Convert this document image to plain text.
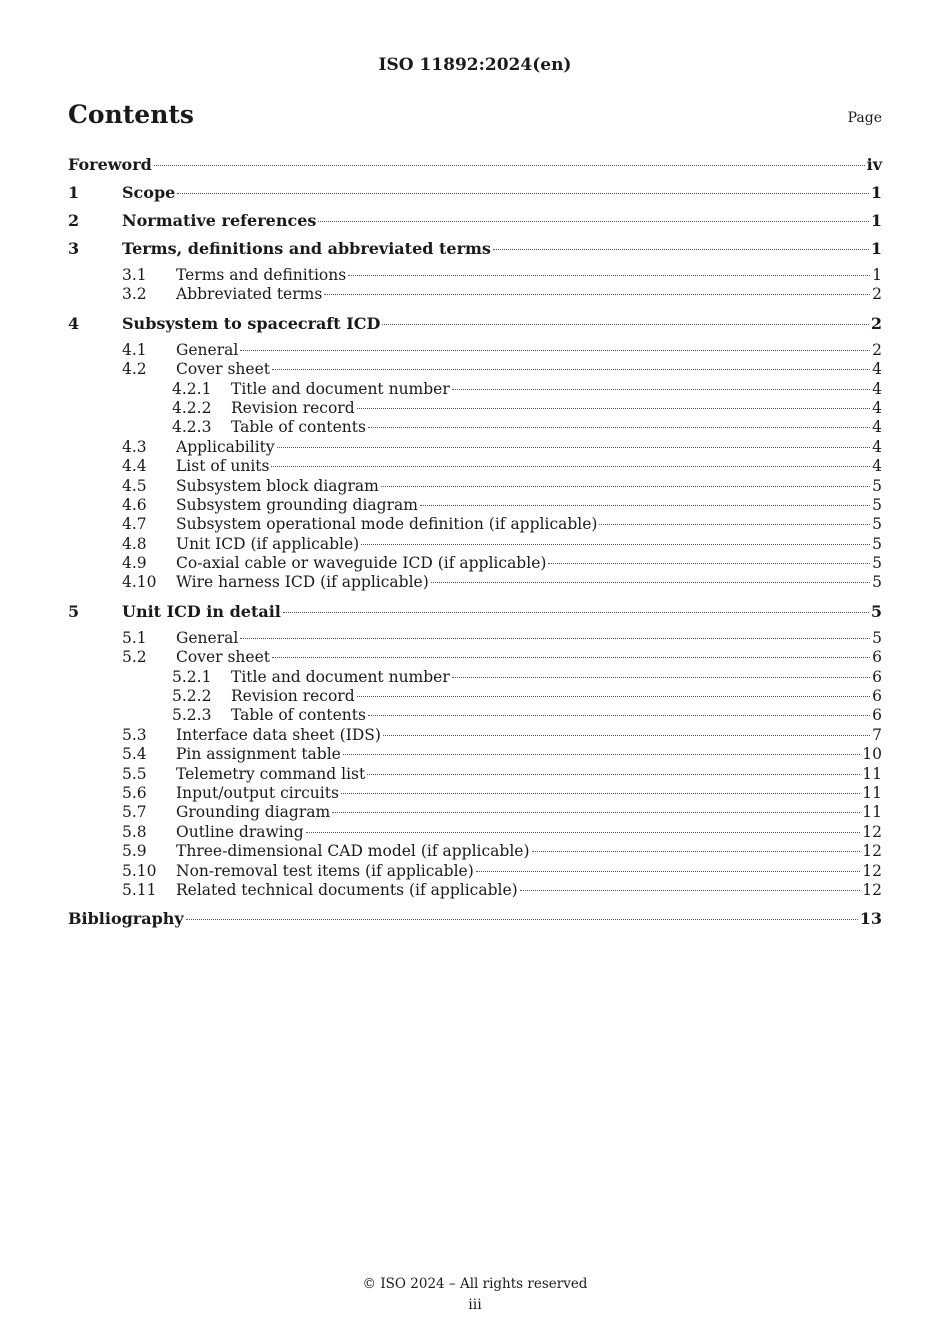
ISO 11892:2024(en)
Contents	Page
Foreword	iv
1	Scope	1
2	Normative references	1
3	Terms, definitions and abbreviated terms	1
3.1	Terms and definitions	1
3.2	Abbreviated terms	2
4	Subsystem to spacecraft ICD	2
4.1	General	2
4.2	Cover sheet	4
4.2.1	Title and document number	4
4.2.2	Revision record	4
4.2.3	Table of contents	4
4.3	Applicability	4
4.4	List of units	4
4.5	Subsystem block diagram	5
4.6	Subsystem grounding diagram	5
4.7	Subsystem operational mode definition (if applicable)	5
4.8	Unit ICD (if applicable)	5
4.9	Co-axial cable or waveguide ICD (if applicable)	5
4.10	Wire harness ICD (if applicable)	5
5	Unit ICD in detail	5
5.1	General	5
5.2	Cover sheet	6
5.2.1	Title and document number	6
5.2.2	Revision record	6
5.2.3	Table of contents	6
5.3	Interface data sheet (IDS)	7
5.4	Pin assignment table	10
5.5	Telemetry command list	11
5.6	Input/output circuits	11
5.7	Grounding diagram	11
5.8	Outline drawing	12
5.9	Three-dimensional CAD model (if applicable)	12
5.10	Non-removal test items (if applicable)	12
5.11	Related technical documents (if applicable)	12
Bibliography	13
© ISO 2024 – All rights reserved
iii
